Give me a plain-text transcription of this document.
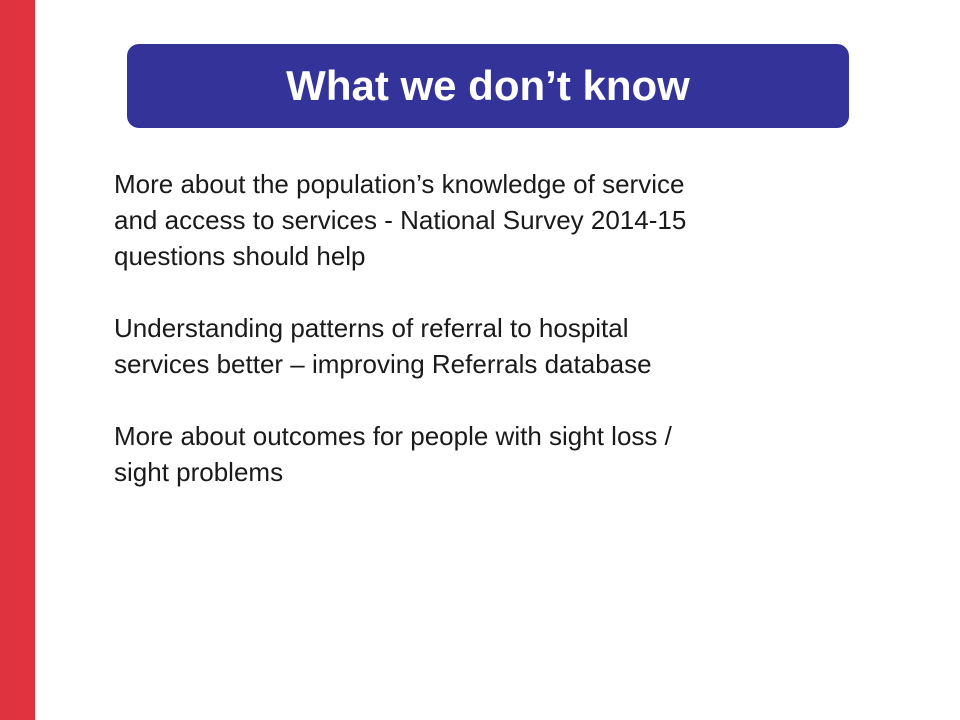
What we don’t know

More about the population’s knowledge of service
and access to services - National Survey 2014-15
questions should help

Understanding patterns of referral to hospital
services better – improving Referrals database

More about outcomes for people with sight loss /
sight problems
